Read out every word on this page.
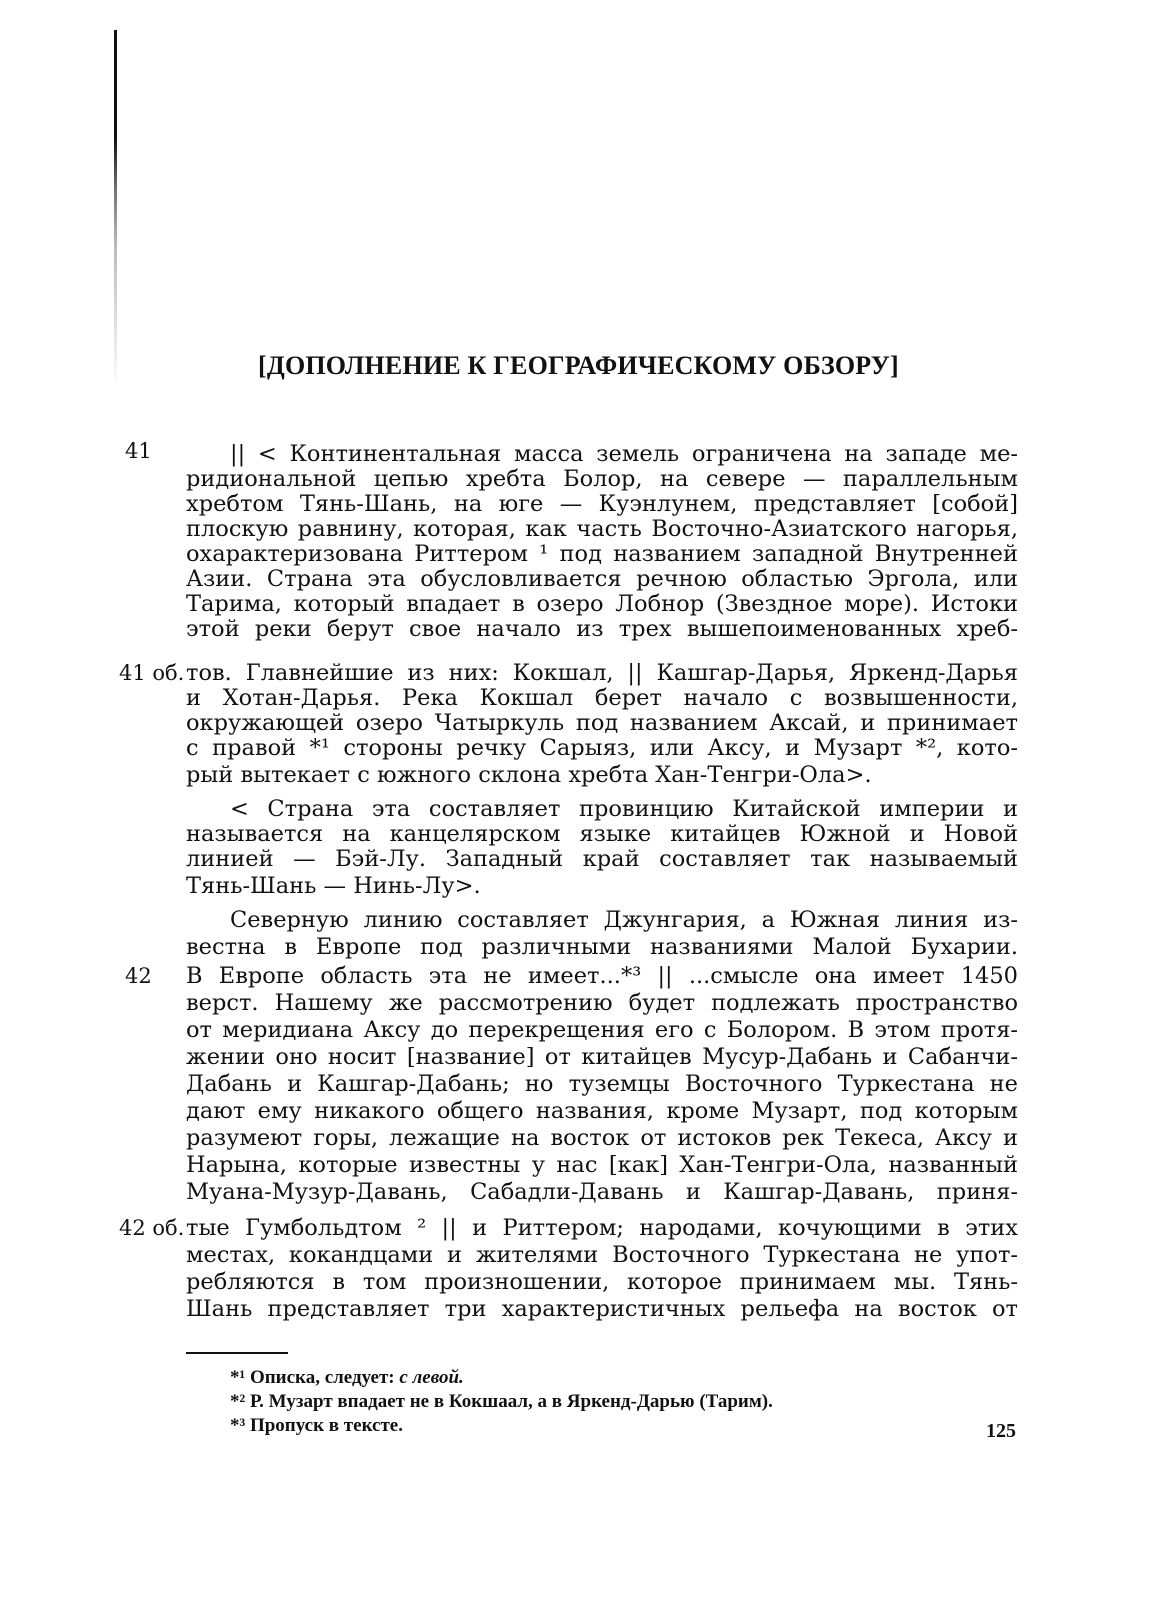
[ДОПОЛНЕНИЕ К ГЕОГРАФИЧЕСКОМУ ОБЗОРУ]
41
41 об.
42
42 об.
|| < Континентальная масса земель ограничена на западе ме-
ридиональной цепью хребта Болор, на севере — параллельным
хребтом Тянь-Шань, на юге — Куэнлунем, представляет [собой]
плоскую равнину, которая, как часть Восточно-Азиатского нагорья,
охарактеризована Риттером ¹ под названием западной Внутренней
Азии. Страна эта обусловливается речною областью Эргола, или
Тарима, который впадает в озеро Лобнор (Звездное море). Истоки
этой реки берут свое начало из трех вышепоименованных хреб-
тов. Главнейшие из них: Кокшал, || Кашгар-Дарья, Яркенд-Дарья
и Хотан-Дарья. Река Кокшал берет начало с возвышенности,
окружающей озеро Чатыркуль под названием Аксай, и принимает
с правой *¹ стороны речку Сарыяз, или Аксу, и Музарт *², кото-
рый вытекает с южного склона хребта Хан-Тенгри-Ола>.
< Страна эта составляет провинцию Китайской империи и
называется на канцелярском языке китайцев Южной и Новой
линией — Бэй-Лу. Западный край составляет так называемый
Тянь-Шань — Нинь-Лу>.
Северную линию составляет Джунгария, а Южная линия из-
вестна в Европе под различными названиями Малой Бухарии.
В Европе область эта не имеет...*³ || ...смысле она имеет 1450
верст. Нашему же рассмотрению будет подлежать пространство
от меридиана Аксу до перекрещения его с Болором. В этом протя-
жении оно носит [название] от китайцев Мусур-Дабань и Сабанчи-
Дабань и Кашгар-Дабань; но туземцы Восточного Туркестана не
дают ему никакого общего названия, кроме Музарт, под которым
разумеют горы, лежащие на восток от истоков рек Текеса, Аксу и
Нарына, которые известны у нас [как] Хан-Тенгри-Ола, названный
Муана-Музур-Давань, Сабадли-Давань и Кашгар-Давань, приня-
тые Гумбольдтом ² || и Риттером; народами, кочующими в этих
местах, кокандцами и жителями Восточного Туркестана не упот-
ребляются в том произношении, которое принимаем мы. Тянь-
Шань представляет три характеристичных рельефа на восток от
*¹ Описка, следует: с левой.
*² Р. Музарт впадает не в Кокшаал, а в Яркенд-Дарью (Тарим).
*³ Пропуск в тексте.	125
